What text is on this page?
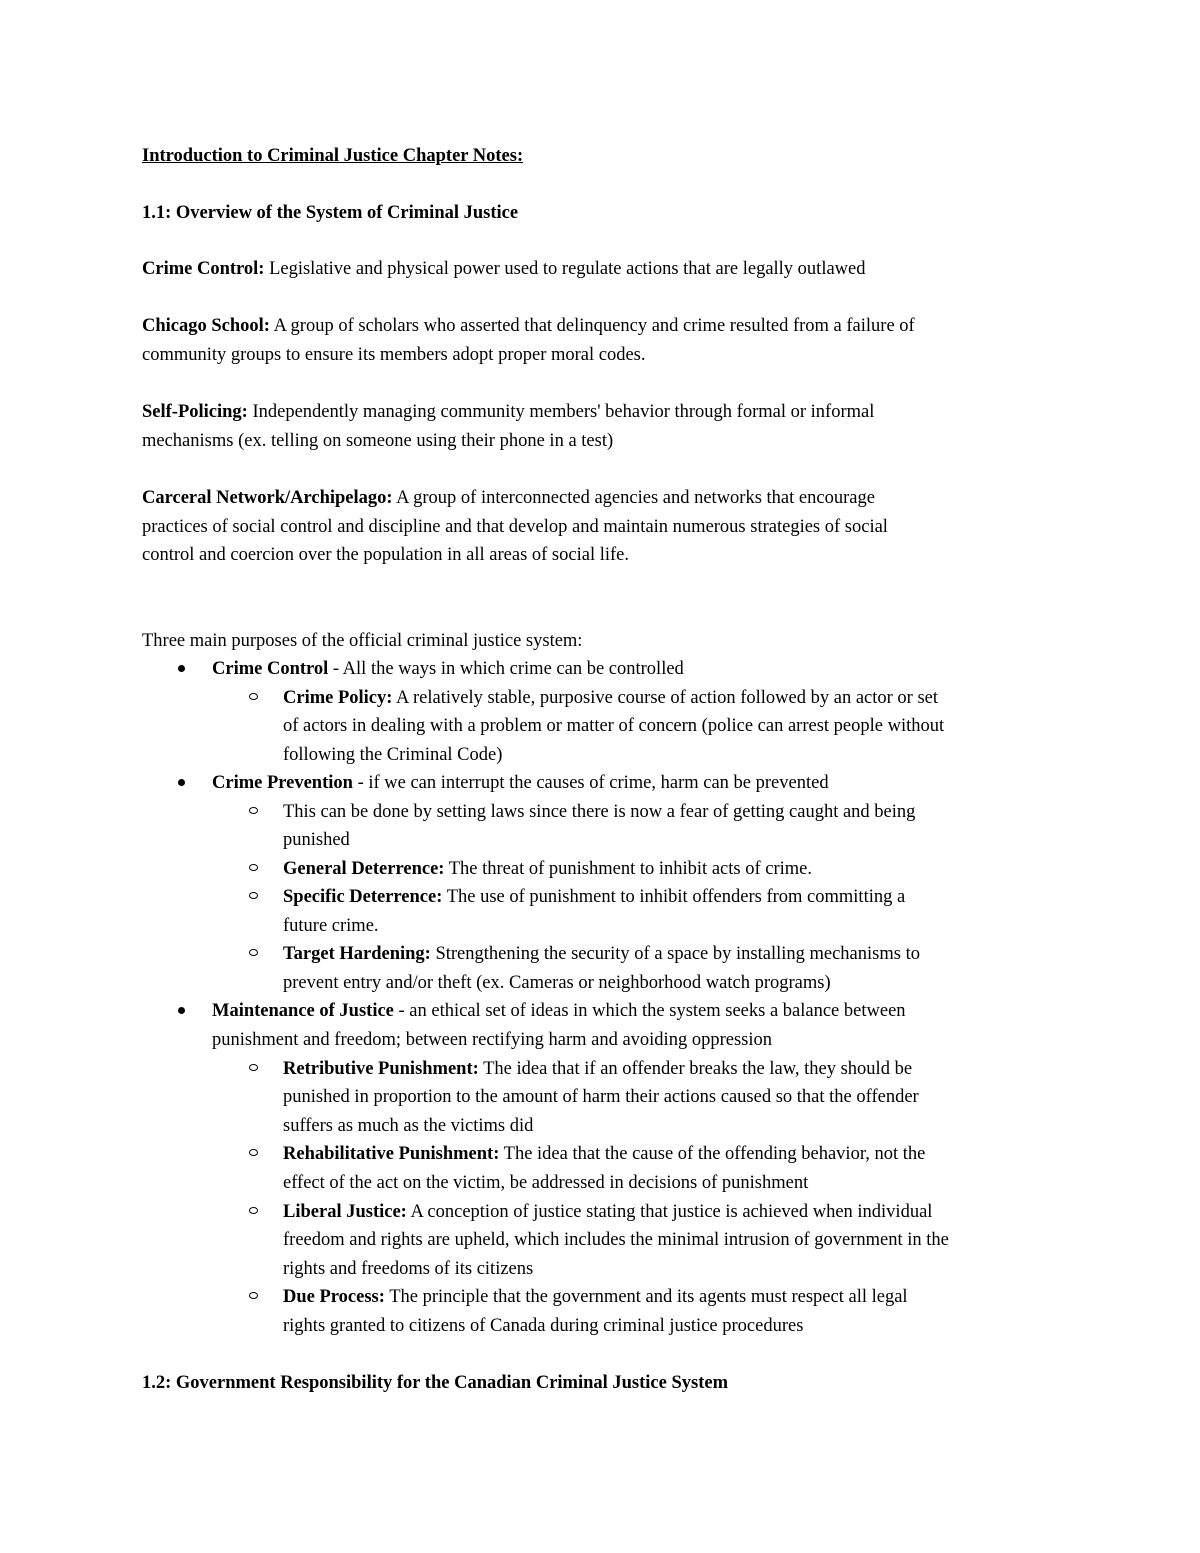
Introduction to Criminal Justice Chapter Notes:
1.1: Overview of the System of Criminal Justice
Crime Control: Legislative and physical power used to regulate actions that are legally outlawed
Chicago School: A group of scholars who asserted that delinquency and crime resulted from a failure of
community groups to ensure its members adopt proper moral codes.
Self-Policing: Independently managing community members' behavior through formal or informal
mechanisms (ex. telling on someone using their phone in a test)
Carceral Network/Archipelago: A group of interconnected agencies and networks that encourage
practices of social control and discipline and that develop and maintain numerous strategies of social
control and coercion over the population in all areas of social life.
Three main purposes of the official criminal justice system:
Crime Control - All the ways in which crime can be controlled
Crime Policy: A relatively stable, purposive course of action followed by an actor or set
of actors in dealing with a problem or matter of concern (police can arrest people without
following the Criminal Code)
Crime Prevention - if we can interrupt the causes of crime, harm can be prevented
This can be done by setting laws since there is now a fear of getting caught and being
punished
General Deterrence: The threat of punishment to inhibit acts of crime.
Specific Deterrence: The use of punishment to inhibit offenders from committing a
future crime.
Target Hardening: Strengthening the security of a space by installing mechanisms to
prevent entry and/or theft (ex. Cameras or neighborhood watch programs)
Maintenance of Justice - an ethical set of ideas in which the system seeks a balance between
punishment and freedom; between rectifying harm and avoiding oppression
Retributive Punishment: The idea that if an offender breaks the law, they should be
punished in proportion to the amount of harm their actions caused so that the offender
suffers as much as the victims did
Rehabilitative Punishment: The idea that the cause of the offending behavior, not the
effect of the act on the victim, be addressed in decisions of punishment
Liberal Justice: A conception of justice stating that justice is achieved when individual
freedom and rights are upheld, which includes the minimal intrusion of government in the
rights and freedoms of its citizens
Due Process: The principle that the government and its agents must respect all legal
rights granted to citizens of Canada during criminal justice procedures
1.2: Government Responsibility for the Canadian Criminal Justice System
